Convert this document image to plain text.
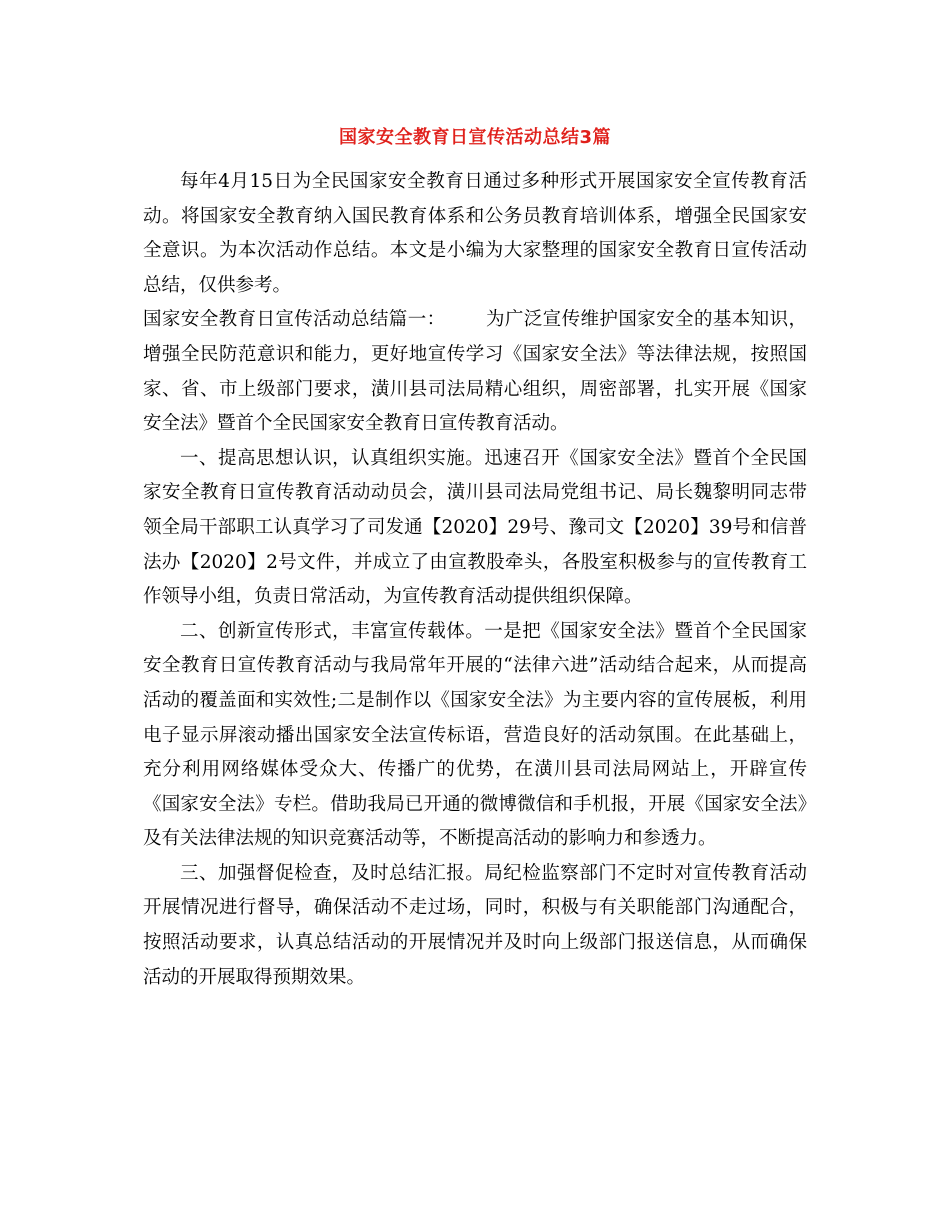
国家安全教育日宣传活动总结3篇

每年4月15日为全民国家安全教育日通过多种形式开展国家安全宣传教育活动。将国家安全教育纳入国民教育体系和公务员教育培训体系，增强全民国家安全意识。为本次活动作总结。本文是小编为大家整理的国家安全教育日宣传活动总结，仅供参考。

国家安全教育日宣传活动总结篇一： 为广泛宣传维护国家安全的基本知识，增强全民防范意识和能力，更好地宣传学习《国家安全法》等法律法规，按照国家、省、市上级部门要求，潢川县司法局精心组织，周密部署，扎实开展《国家安全法》暨首个全民国家安全教育日宣传教育活动。

一、提高思想认识，认真组织实施。迅速召开《国家安全法》暨首个全民国家安全教育日宣传教育活动动员会，潢川县司法局党组书记、局长魏黎明同志带领全局干部职工认真学习了司发通【2020】29号、豫司文【2020】39号和信普法办【2020】2号文件，并成立了由宣教股牵头，各股室积极参与的宣传教育工作领导小组，负责日常活动，为宣传教育活动提供组织保障。

二、创新宣传形式，丰富宣传载体。一是把《国家安全法》暨首个全民国家安全教育日宣传教育活动与我局常年开展的“法律六进”活动结合起来，从而提高活动的覆盖面和实效性;二是制作以《国家安全法》为主要内容的宣传展板，利用电子显示屏滚动播出国家安全法宣传标语，营造良好的活动氛围。在此基础上，充分利用网络媒体受众大、传播广的优势，在潢川县司法局网站上，开辟宣传《国家安全法》专栏。借助我局已开通的微博微信和手机报，开展《国家安全法》及有关法律法规的知识竞赛活动等，不断提高活动的影响力和参透力。

三、加强督促检查，及时总结汇报。局纪检监察部门不定时对宣传教育活动开展情况进行督导，确保活动不走过场，同时，积极与有关职能部门沟通配合，按照活动要求，认真总结活动的开展情况并及时向上级部门报送信息，从而确保活动的开展取得预期效果。
